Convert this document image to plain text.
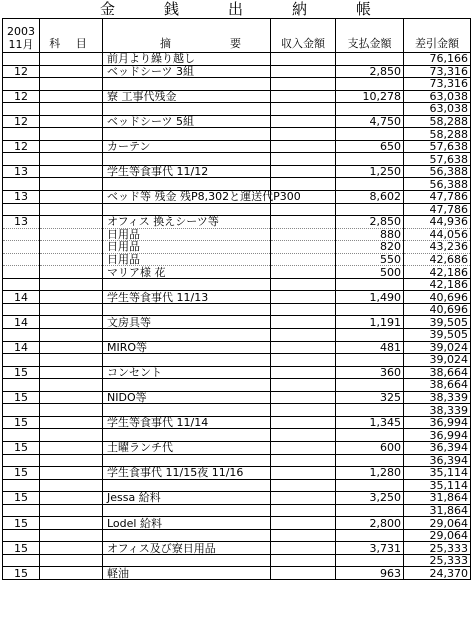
金　銭　出　納　帳
2003
11月	科 目	摘 要	収入金額	支払金額	差引金額
		前月より繰り越し			76,166
12		ベッドシーツ 3組		2,850	73,316
					73,316
12		寮 工事代残金		10,278	63,038
					63,038
12		ベッドシーツ 5組		4,750	58,288
					58,288
12		カーテン		650	57,638
					57,638
13		学生等食事代 11/12		1,250	56,388
					56,388
13		ベッド等 残金 残P8,302と運送代P300		8,602	47,786
					47,786
13		オフィス 換えシーツ等		2,850	44,936
		日用品		880	44,056
		日用品		820	43,236
		日用品		550	42,686
		マリア様 花		500	42,186
					42,186
14		学生等食事代 11/13		1,490	40,696
					40,696
14		文房具等		1,191	39,505
					39,505
14		MIRO等		481	39,024
					39,024
15		コンセント		360	38,664
					38,664
15		NIDO等		325	38,339
					38,339
15		学生等食事代 11/14		1,345	36,994
					36,994
15		土曜ランチ代		600	36,394
					36,394
15		学生食事代 11/15夜 11/16		1,280	35,114
					35,114
15		Jessa 給料		3,250	31,864
					31,864
15		Lodel 給料		2,800	29,064
					29,064
15		オフィス及び寮日用品		3,731	25,333
					25,333
15		軽油		963	24,370
